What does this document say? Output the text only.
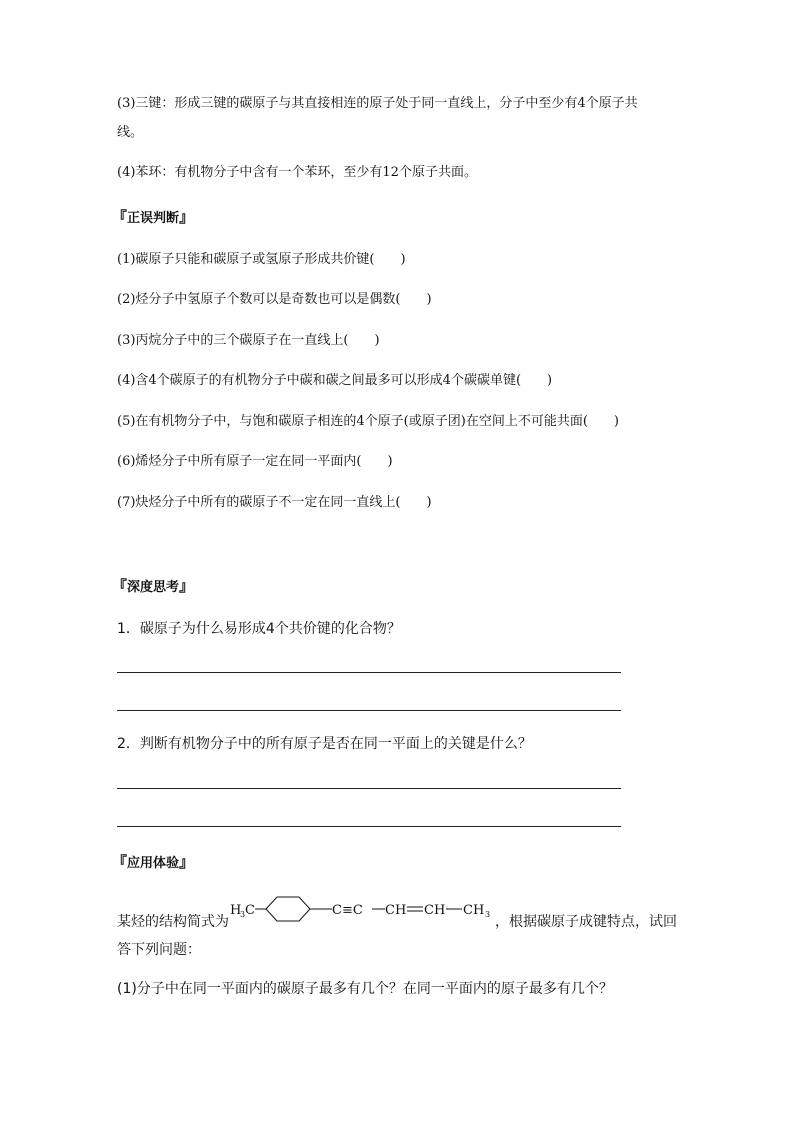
(3)三键：形成三键的碳原子与其直接相连的原子处于同一直线上，分子中至少有4个原子共
线。
(4)苯环：有机物分子中含有一个苯环，至少有12个原子共面。
『正误判断』
(1)碳原子只能和碳原子或氢原子形成共价键( )
(2)烃分子中氢原子个数可以是奇数也可以是偶数( )
(3)丙烷分子中的三个碳原子在一直线上( )
(4)含4个碳原子的有机物分子中碳和碳之间最多可以形成4个碳碳单键( )
(5)在有机物分子中，与饱和碳原子相连的4个原子(或原子团)在空间上不可能共面( )
(6)烯烃分子中所有原子一定在同一平面内( )
(7)炔烃分子中所有的碳原子不一定在同一直线上( )
『深度思考』
1．碳原子为什么易形成4个共价键的化合物？
2．判断有机物分子中的所有原子是否在同一平面上的关键是什么？
『应用体验』
某烃的结构简式为
H
3 C	C≡C CH CH CH 3 ，根据碳原子成键特点，试回
答下列问题：
(1)分子中在同一平面内的碳原子最多有几个？在同一平面内的原子最多有几个？
